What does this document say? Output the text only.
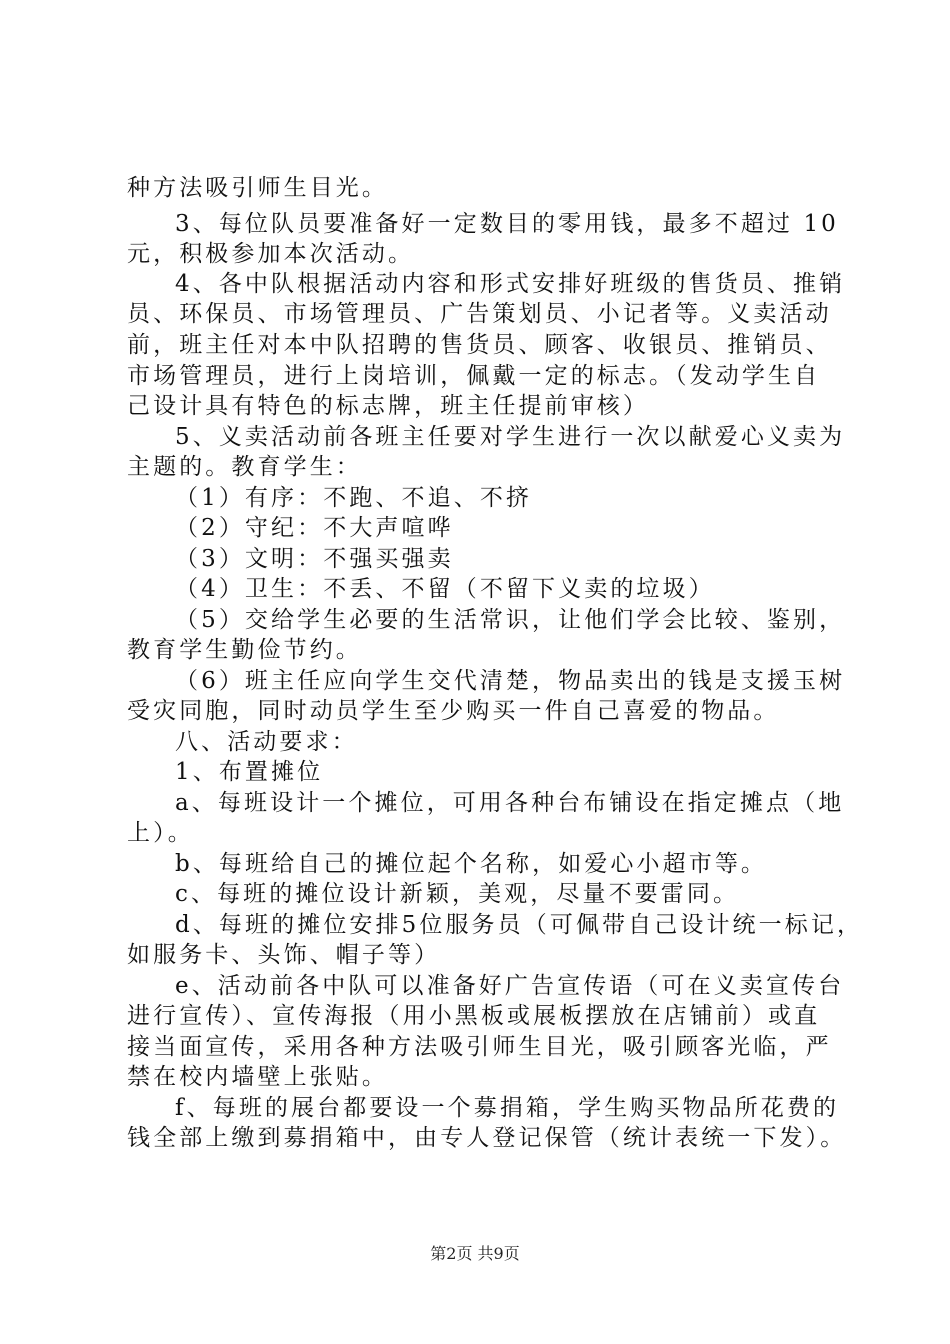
种方法吸引师生目光。
3、每位队员要准备好一定数目的零用钱，最多不超过 10
元，积极参加本次活动。
4、各中队根据活动内容和形式安排好班级的售货员、推销
员、环保员、市场管理员、广告策划员、小记者等。义卖活动
前，班主任对本中队招聘的售货员、顾客、收银员、推销员、
市场管理员，进行上岗培训，佩戴一定的标志。（发动学生自
己设计具有特色的标志牌，班主任提前审核）
5、义卖活动前各班主任要对学生进行一次以献爱心义卖为
主题的。教育学生：
（1）有序：不跑、不追、不挤
（2）守纪：不大声喧哗
（3）文明：不强买强卖
（4）卫生：不丢、不留（不留下义卖的垃圾）
（5）交给学生必要的生活常识，让他们学会比较、鉴别，
教育学生勤俭节约。
（6）班主任应向学生交代清楚，物品卖出的钱是支援玉树
受灾同胞，同时动员学生至少购买一件自己喜爱的物品。
八、活动要求：
1、布置摊位
a、每班设计一个摊位，可用各种台布铺设在指定摊点（地
上）。
b、每班给自己的摊位起个名称，如爱心小超市等。
c、每班的摊位设计新颖，美观，尽量不要雷同。
d、每班的摊位安排5位服务员（可佩带自己设计统一标记，
如服务卡、头饰、帽子等）
e、活动前各中队可以准备好广告宣传语（可在义卖宣传台
进行宣传）、宣传海报（用小黑板或展板摆放在店铺前）或直
接当面宣传，采用各种方法吸引师生目光，吸引顾客光临，严
禁在校内墙壁上张贴。
f、每班的展台都要设一个募捐箱，学生购买物品所花费的
钱全部上缴到募捐箱中，由专人登记保管（统计表统一下发）。
第2页 共9页
